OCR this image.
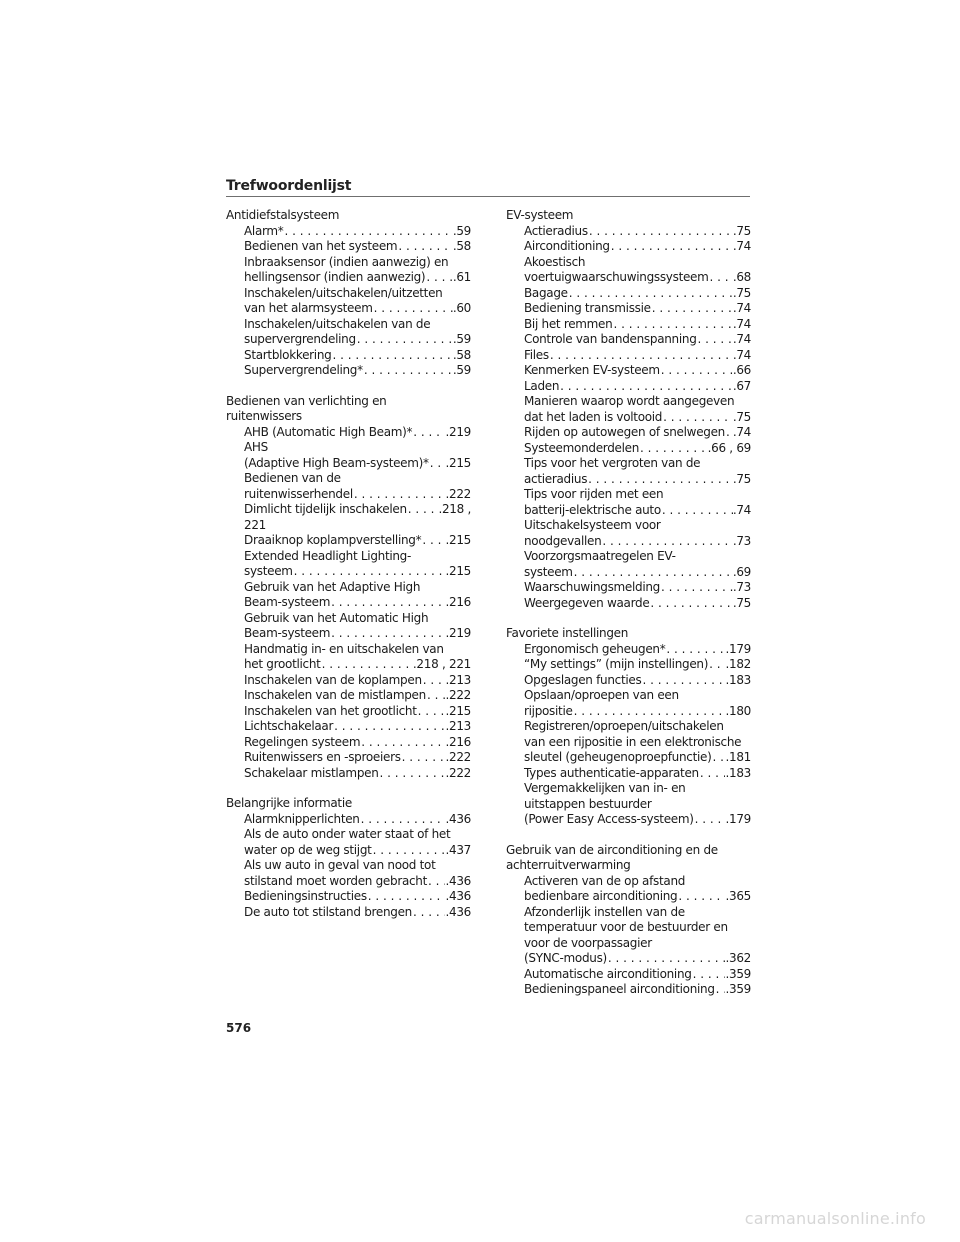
Trefwoordenlijst
Antidiefstalsysteem
Alarm* . . .	.59
Bedienen van het systeem . . .	.58
Inbraaksensor (indien aanwezig) en
hellingsensor (indien aanwezig) . . . .61
Inschakelen/uitschakelen/uitzetten
van het alarmsysteem . . .	.60
Inschakelen/uitschakelen van de
supervergrendeling . . .	.59
Startblokkering . . .	.58
Supervergrendeling* . . .	.59
Bedienen van verlichting en
ruitenwissers
AHB (Automatic High Beam)* . . .	.219
AHS
(Adaptive High Beam-systeem)* . . . .215
Bedienen van de
ruitenwisserhendel . . .	.222
Dimlicht tijdelijk inschakelen . . .	.218 ,
221
Draaiknop koplampverstelling* . . . .215
Extended Headlight Lighting-
systeem . . .	.215
Gebruik van het Adaptive High
Beam-systeem . . .	.216
Gebruik van het Automatic High
Beam-systeem . . .	.219
Handmatig in- en uitschakelen van
het grootlicht . . .	.218 , 221
Inschakelen van de koplampen . . . .213
Inschakelen van de mistlampen . . . .222
Inschakelen van het grootlicht . . . .215
Lichtschakelaar . . .	.213
Regelingen systeem . . .	.216
Ruitenwissers en -sproeiers . . .	.222
Schakelaar mistlampen . . .	.222
Belangrijke informatie
Alarmknipperlichten . . .	.436
Als de auto onder water staat of het
water op de weg stijgt . . .	.437
Als uw auto in geval van nood tot
stilstand moet worden gebracht . . . .436
Bedieningsinstructies . . .	.436
De auto tot stilstand brengen . . .	.436
EV-systeem
Actieradius . . .	.75
Airconditioning . . .	.74
Akoestisch
voertuigwaarschuwingssysteem . . . .68
Bagage . . .	.75
Bediening transmissie . . .	.74
Bij het remmen . . .	.74
Controle van bandenspanning . . .	.74
Files . . .	.74
Kenmerken EV-systeem . . .	.66
Laden . . .	.67
Manieren waarop wordt aangegeven
dat het laden is voltooid . . .	.75
Rijden op autowegen of snelwegen . . . .74
Systeemonderdelen . . .	.66 , 69
Tips voor het vergroten van de
actieradius . . .	.75
Tips voor rijden met een
batterij-elektrische auto . . .	.74
Uitschakelsysteem voor
noodgevallen . . .	.73
Voorzorgsmaatregelen EV-
systeem . . .	.69
Waarschuwingsmelding . . .	.73
Weergegeven waarde . . .	.75
Favoriete instellingen
Ergonomisch geheugen* . . .	.179
“My settings” (mijn instellingen) . . . .182
Opgeslagen functies . . .	.183
Opslaan/oproepen van een
rijpositie . . .	.180
Registreren/oproepen/uitschakelen
van een rijpositie in een elektronische
sleutel (geheugenoproepfunctie) . . . .181
Types authenticatie-apparaten . . . .183
Vergemakkelijken van in- en
uitstappen bestuurder
(Power Easy Access-systeem) . . .	.179
Gebruik van de airconditioning en de
achterruitverwarming
Activeren van de op afstand
bedienbare airconditioning . . .	.365
Afzonderlijk instellen van de
temperatuur voor de bestuurder en
voor de voorpassagier
(SYNC-modus) . . .	.362
Automatische airconditioning . . .	.359
Bedieningspaneel airconditioning . . . .359
576
carmanualsonline.info
